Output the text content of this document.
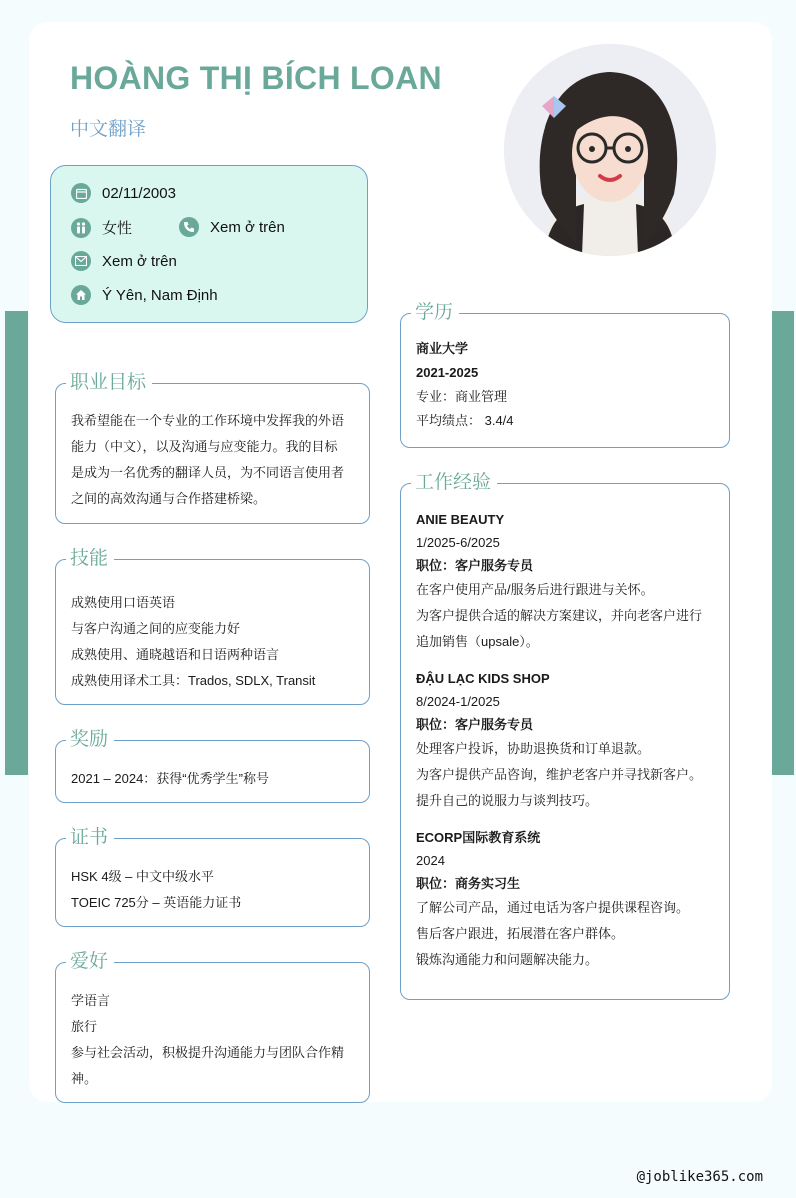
HOÀNG THỊ BÍCH LOAN
中文翻译
02/11/2003
女性	Xem ở trên
Xem ở trên
Ý Yên, Nam Định
职业目标

我希望能在一个专业的工作环境中发挥我的外语

能力（中文），以及沟通与应变能力。我的目标

是成为一名优秀的翻译人员，为不同语言使用者

之间的高效沟通与合作搭建桥梁。

技能

成熟使用口语英语

与客户沟通之间的应变能力好

成熟使用、通晓越语和日语两种语言

成熟使用译术工具：Trados, SDLX, Transit

奖励

2021 – 2024：获得“优秀学生”称号

证书

HSK 4级 – 中文中级水平

TOEIC 725分 – 英语能力证书

爱好

学语言

旅行

参与社会活动，积极提升沟通能力与团队合作精

神。

学历

商业大学

2021-2025

专业：商业管理

平均绩点： 3.4/4

工作经验

ANIE BEAUTY

1/2025-6/2025

职位：客户服务专员

在客户使用产品/服务后进行跟进与关怀。

为客户提供合适的解决方案建议，并向老客户进行

追加销售（upsale）。

ĐẬU LẠC KIDS SHOP

8/2024-1/2025

职位：客户服务专员

处理客户投诉，协助退换货和订单退款。

为客户提供产品咨询，维护老客户并寻找新客户。

提升自己的说服力与谈判技巧。

ECORP国际教育系统

2024

职位：商务实习生

了解公司产品，通过电话为客户提供课程咨询。

售后客户跟进，拓展潜在客户群体。

锻炼沟通能力和问题解决能力。

@joblike365.com
